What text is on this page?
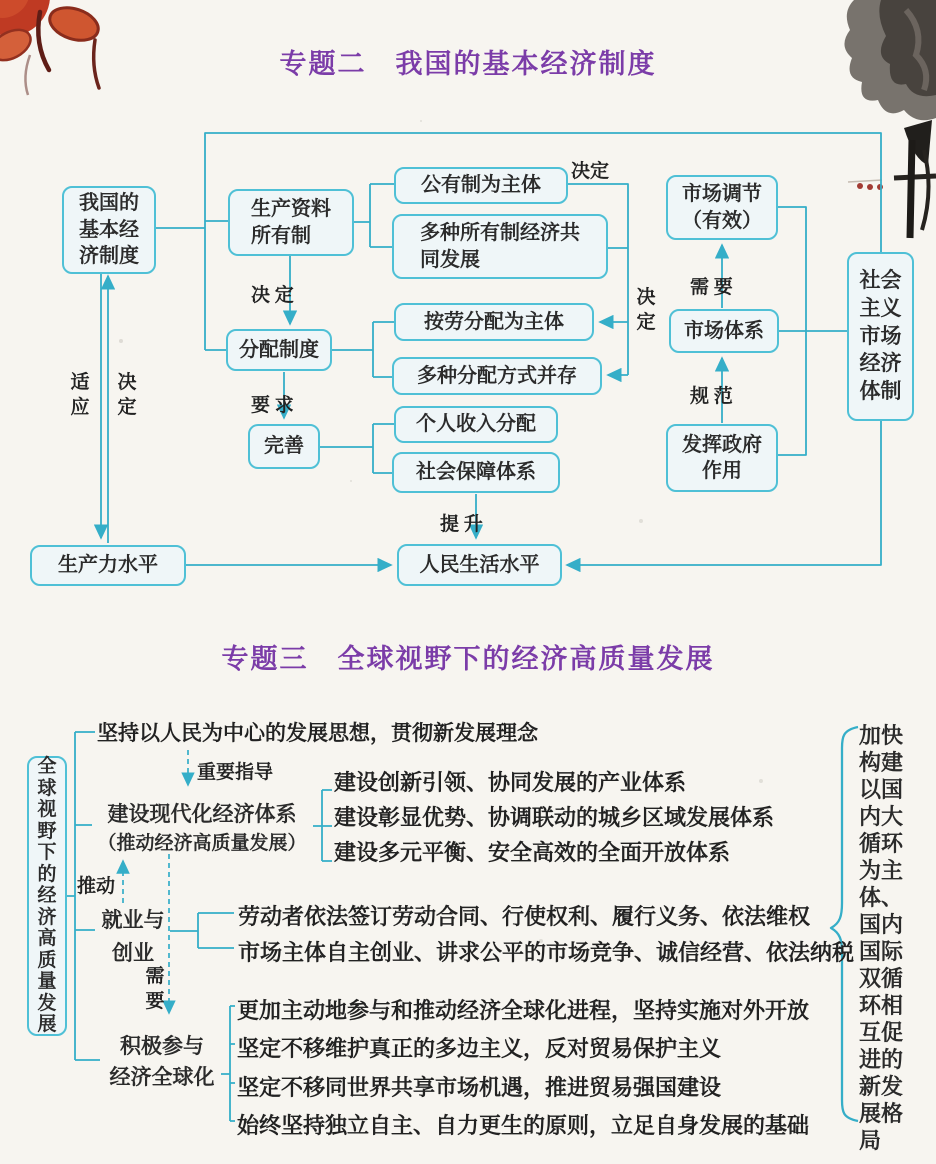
专题二　我国的基本经济制度
专题三　全球视野下的经济高质量发展
我国的基本经济制度
生产资料所有制
分配制度
完善
公有制为主体
多种所有制经济共同发展
按劳分配为主体
多种分配方式并存
个人收入分配
社会保障体系
人民生活水平
生产力水平
市场调节（有效）
市场体系
发挥政府作用
社会主义市场经济体制
决 定
要 求
提 升
决定
决定
需 要
规 范
适应
决定
全球视野下的经济高质量发展
坚持以人民为中心的发展思想，贯彻新发展理念
重要指导
建设现代化经济体系
（推动经济高质量发展）
建设创新引领、协同发展的产业体系
建设彰显优势、协调联动的城乡区域发展体系
建设多元平衡、安全高效的全面开放体系
推动
就业与创业
劳动者依法签订劳动合同、行使权利、履行义务、依法维权
市场主体自主创业、讲求公平的市场竞争、诚信经营、依法纳税
需要
积极参与
经济全球化
更加主动地参与和推动经济全球化进程，坚持实施对外开放
坚定不移维护真正的多边主义，反对贸易保护主义
坚定不移同世界共享市场机遇，推进贸易强国建设
始终坚持独立自主、自力更生的原则，立足自身发展的基础
加快构建以国内大循环为主体、国内国际双循环相互促进的新发展格局
